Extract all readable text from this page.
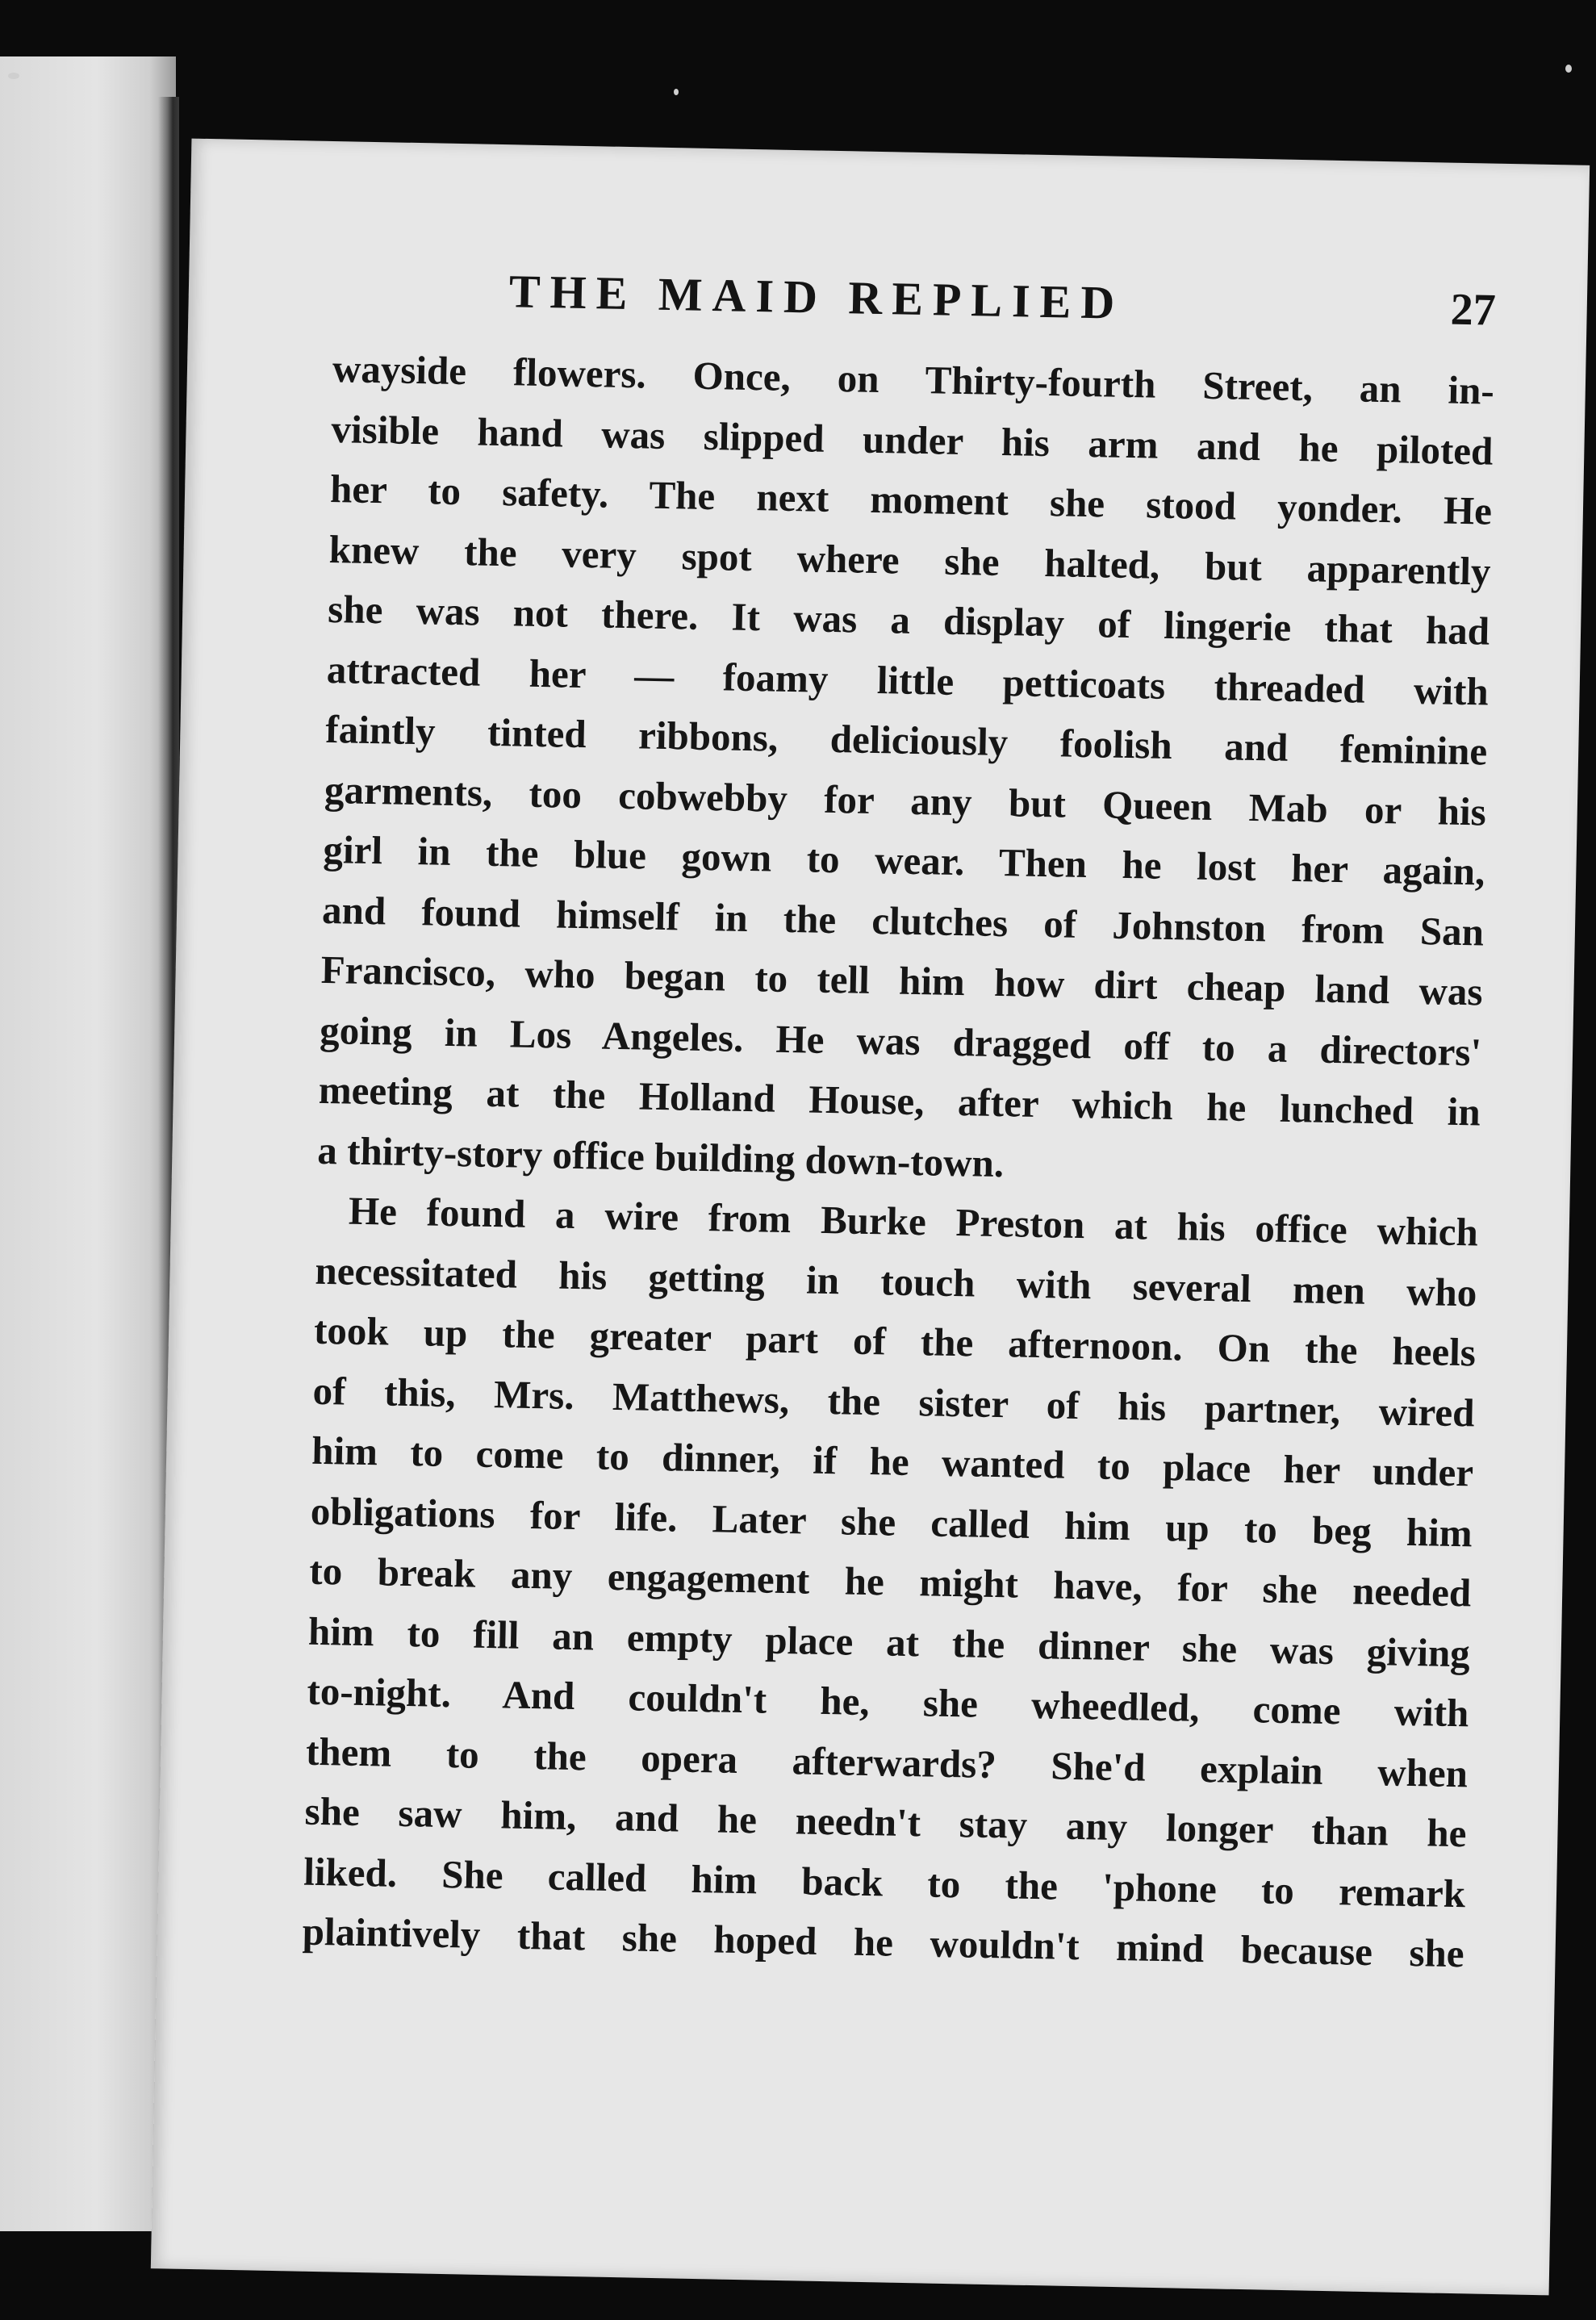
THE MAID REPLIED	27
wayside flowers. Once, on Thirty-fourth Street, an in-
visible hand was slipped under his arm and he piloted
her to safety. The next moment she stood yonder. He
knew the very spot where she halted, but apparently
she was not there. It was a display of lingerie that had
attracted her — foamy little petticoats threaded with
faintly tinted ribbons, deliciously foolish and feminine
garments, too cobwebby for any but Queen Mab or his
girl in the blue gown to wear. Then he lost her again,
and found himself in the clutches of Johnston from San
Francisco, who began to tell him how dirt cheap land was
going in Los Angeles. He was dragged off to a directors'
meeting at the Holland House, after which he lunched in
a thirty-story office building down-town.
He found a wire from Burke Preston at his office which
necessitated his getting in touch with several men who
took up the greater part of the afternoon. On the heels
of this, Mrs. Matthews, the sister of his partner, wired
him to come to dinner, if he wanted to place her under
obligations for life. Later she called him up to beg him
to break any engagement he might have, for she needed
him to fill an empty place at the dinner she was giving
to-night. And couldn't he, she wheedled, come with
them to the opera afterwards? She'd explain when
she saw him, and he needn't stay any longer than he
liked. She called him back to the 'phone to remark
plaintively that she hoped he wouldn't mind because she
